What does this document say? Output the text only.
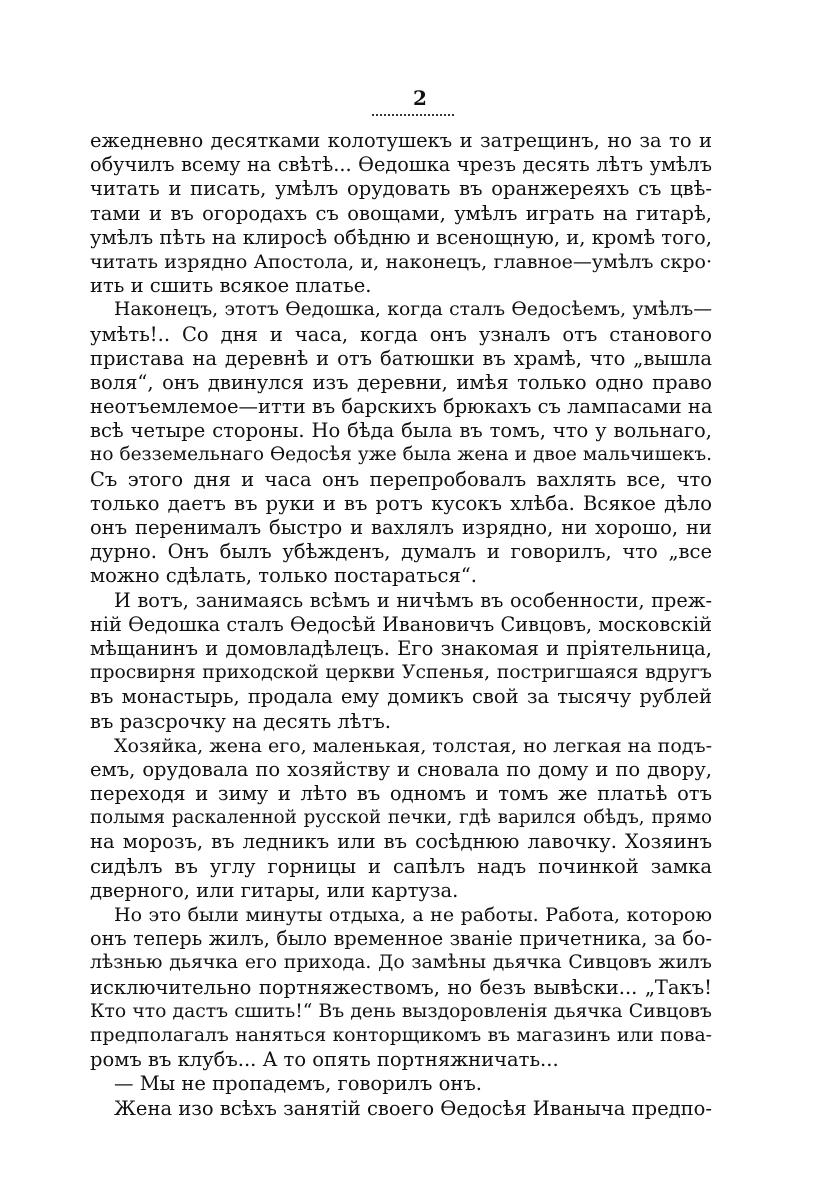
2
ежедневно десятками колотушекъ и затрещинъ, но за то и
обучилъ всему на свѣтѣ... Ѳедошка чрезъ десять лѣтъ умѣлъ
читать и писать, умѣлъ орудовать въ оранжереяхъ съ цвѣ-
тами и въ огородахъ съ овощами, умѣлъ играть на гитарѣ,
умѣлъ пѣть на клиросѣ обѣдню и всенощную, и, кромѣ того,
читать изрядно Апостола, и, наконецъ, главное—умѣлъ скро·
ить и сшить всякое платье.
Наконецъ, этотъ Ѳедошка, когда сталъ Ѳедосѣемъ, умѣлъ—
умѣть!.. Со дня и часа, когда онъ узналъ отъ станового
пристава на деревнѣ и отъ батюшки въ храмѣ, что „вышла
воля“, онъ двинулся изъ деревни, имѣя только одно право
неотъемлемое—итти въ барскихъ брюкахъ съ лампасами на
всѣ четыре стороны. Но бѣда была въ томъ, что у вольнаго,
но безземельнаго Ѳедосѣя уже была жена и двое мальчишекъ.
Съ этого дня и часа онъ перепробовалъ вахлять все, что
только даетъ въ руки и въ ротъ кусокъ хлѣба. Всякое дѣло
онъ перенималъ быстро и вахлялъ изрядно, ни хорошо, ни
дурно. Онъ былъ убѣжденъ, думалъ и говорилъ, что „все
можно сдѣлать, только постараться“.
И вотъ, занимаясь всѣмъ и ничѣмъ въ особенности, преж-
нiй Ѳедошка сталъ Ѳедосѣй Ивановичъ Сивцовъ, московскiй
мѣщанинъ и домовладѣлецъ. Его знакомая и прiятельница,
просвирня приходской церкви Успенья, постригшаяся вдругъ
въ монастырь, продала ему домикъ свой за тысячу рублей
въ разсрочку на десять лѣтъ.
Хозяйка, жена его, маленькая, толстая, но легкая на подъ-
емъ, орудовала по хозяйству и сновала по дому и по двору,
переходя и зиму и лѣто въ одномъ и томъ же платьѣ отъ
полымя раскаленной русской печки, гдѣ варился обѣдъ, прямо
на морозъ, въ ледникъ или въ сосѣднюю лавочку. Хозяинъ
сидѣлъ въ углу горницы и сапѣлъ надъ починкой замка
дверного, или гитары, или картуза.
Но это были минуты отдыха, а не работы. Работа, которою
онъ теперь жилъ, было временное званiе причетника, за бо-
лѣзнью дьячка его прихода. До замѣны дьячка Сивцовъ жилъ
исключительно портняжествомъ, но безъ вывѣски... „Такъ!
Кто что дастъ сшить!“ Въ день выздоровленiя дьячка Сивцовъ
предполагалъ наняться конторщикомъ въ магазинъ или пова-
ромъ въ клубъ... А то опять портняжничать...
— Мы не пропадемъ, говорилъ онъ.
Жена изо всѣхъ занятiй своего Ѳедосѣя Иваныча предпо-
